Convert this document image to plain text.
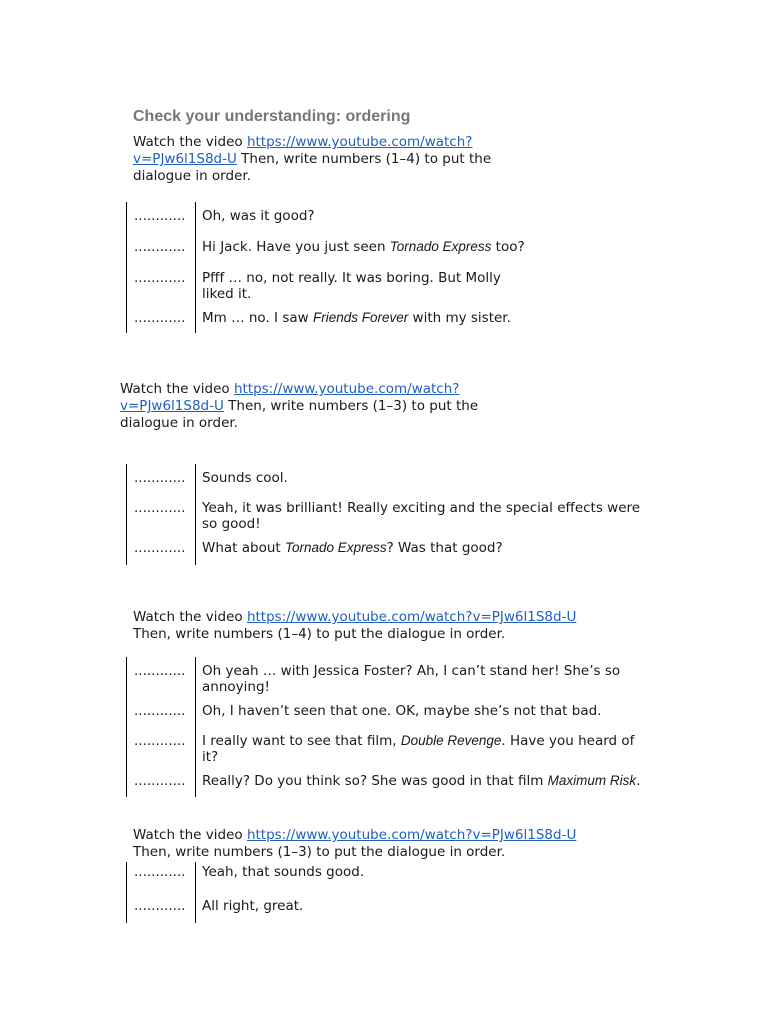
Check your understanding: ordering
Watch the video https://www.youtube.com/watch?
v=PJw6l1S8d-U Then, write numbers (1–4) to put the
dialogue in order.
............	Oh, was it good?

............	Hi Jack. Have you just seen Tornado Express too?

............	Pfff … no, not really. It was boring. But Molly
liked it.

............	Mm … no. I saw Friends Forever with my sister.
Watch the video https://www.youtube.com/watch?
v=PJw6l1S8d-U Then, write numbers (1–3) to put the
dialogue in order.
............	Sounds cool.

............	Yeah, it was brilliant! Really exciting and the special effects were
so good!

............	What about Tornado Express? Was that good?
Watch the video https://www.youtube.com/watch?v=PJw6l1S8d-U
Then, write numbers (1–4) to put the dialogue in order.
............	Oh yeah … with Jessica Foster? Ah, I can’t stand her! She’s so
annoying!

............	Oh, I haven’t seen that one. OK, maybe she’s not that bad.

............	I really want to see that film, Double Revenge. Have you heard of
it?

............	Really? Do you think so? She was good in that film Maximum Risk.
Watch the video https://www.youtube.com/watch?v=PJw6l1S8d-U
Then, write numbers (1–3) to put the dialogue in order.
............	Yeah, that sounds good.

............	All right, great.
